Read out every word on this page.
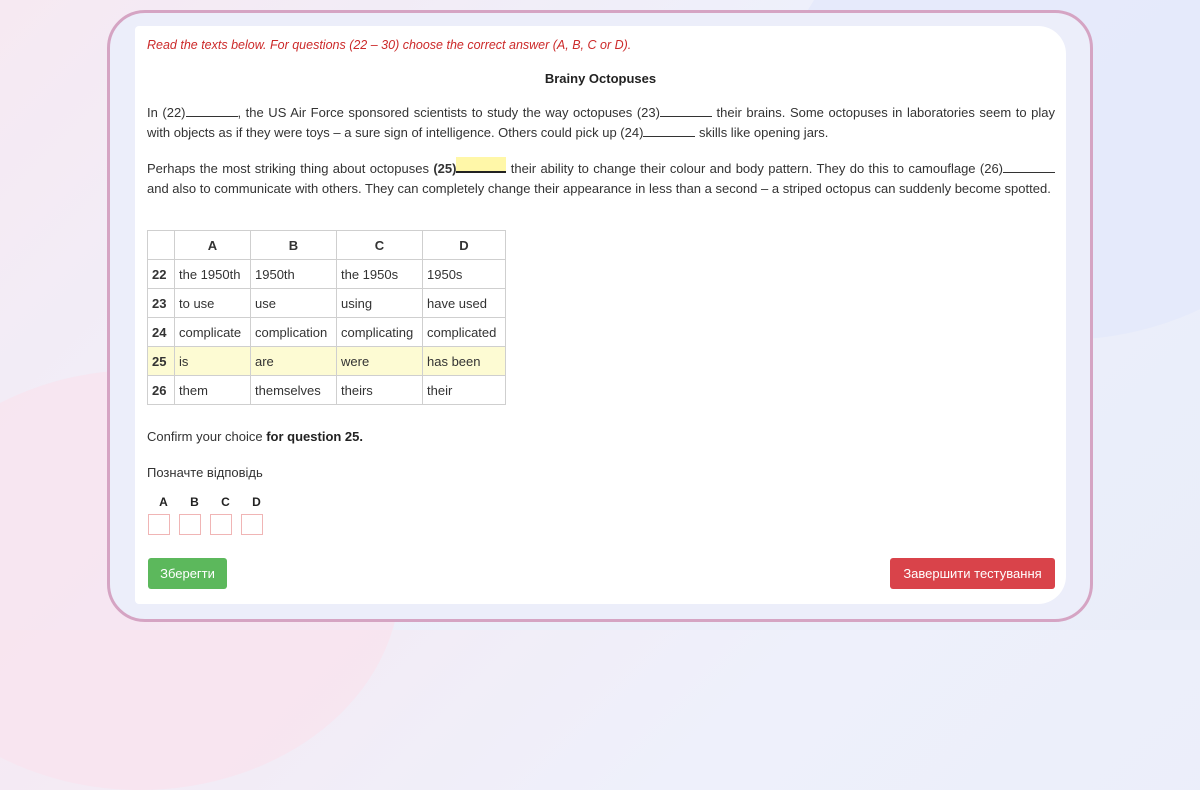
Read the texts below. For questions (22 – 30) choose the correct answer (A, B, C or D).
Brainy Octopuses
In (22)	, the US Air Force sponsored scientists to study the way octopuses (23)	their brains. Some octopuses in laboratories seem to play with objects as if they were toys – a sure sign of intelligence. Others could pick up (24)	skills like opening jars.
Perhaps the most striking thing about octopuses (25)	their ability to change their colour and body pattern. They do this to camouflage (26) and also to communicate with others. They can completely change their appearance in less than a second – a striped octopus can suddenly become spotted.
	A	B	C	D
22	the 1950th	1950th	the 1950s	1950s
23	to use	use	using	have used
24	complicate	complication	complicating	complicated
25	is	are	were	has been
26	them	themselves	theirs	their
Confirm your choice for question 25.
Позначте відповідь
A B C D
Зберегти	Завершити тестування
